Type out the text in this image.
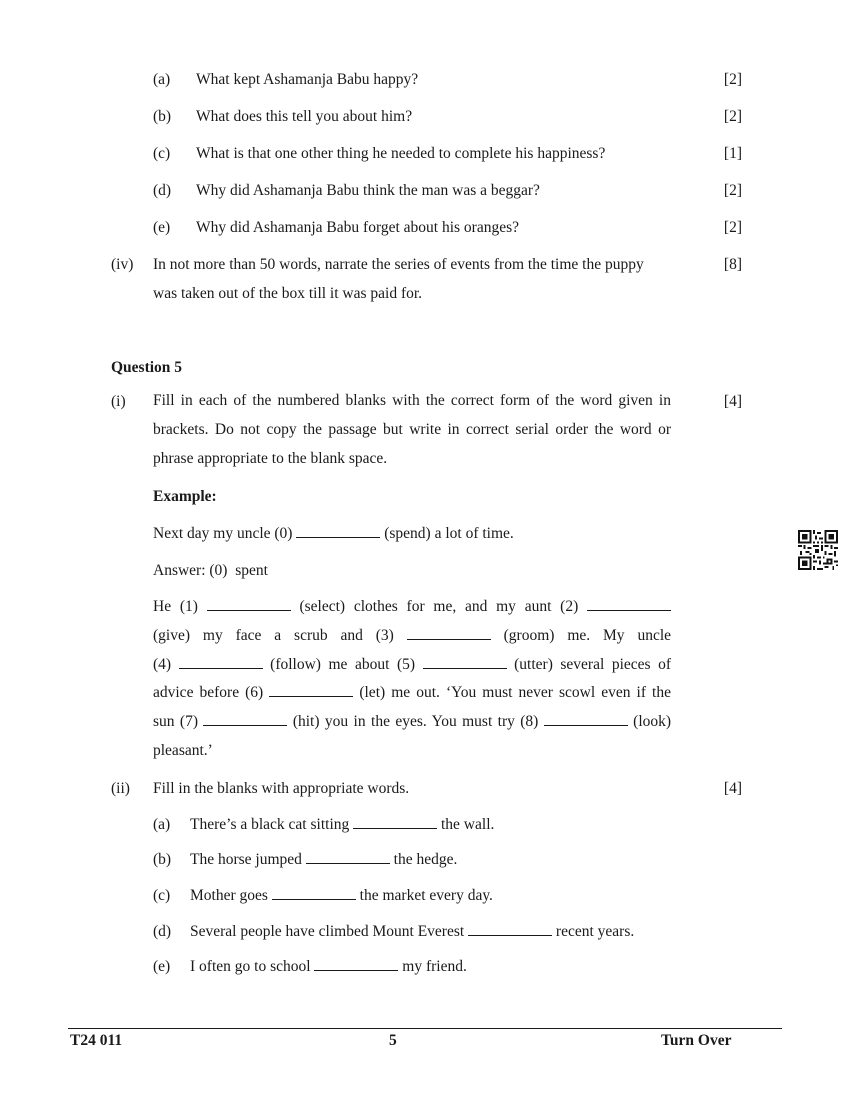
(a) What kept Ashamanja Babu happy?	[2]
(b) What does this tell you about him?	[2]
(c) What is that one other thing he needed to complete his happiness?	[1]
(d) Why did Ashamanja Babu think the man was a beggar?	[2]
(e) Why did Ashamanja Babu forget about his oranges?	[2]
(iv) In not more than 50 words, narrate the series of events from the time the puppy
was taken out of the box till it was paid for.
[8]
Question 5
(i)	[4]
Fill in each of the numbered blanks with the correct form of the word given in
brackets. Do not copy the passage but write in correct serial order the word or
phrase appropriate to the blank space.
Example:
Next day my uncle (0)	(spend) a lot of time.
Answer: (0)  spent
He (1)	(select) clothes for me, and my aunt (2)
(give) my face a scrub and (3)	(groom) me. My uncle
(4)	(follow) me about (5)	(utter) several pieces of
advice before (6)	(let) me out. ‘You must never scowl even if the
sun (7)	(hit) you in the eyes. You must try (8)	(look)
pleasant.’
(ii) Fill in the blanks with appropriate words.	[4]
(a) There’s a black cat sitting	the wall.
(b) The horse jumped	the hedge.
(c) Mother goes	the market every day.
(d) Several people have climbed Mount Everest	recent years.
(e) I often go to school	my friend.
T24 011	5	Turn Over
